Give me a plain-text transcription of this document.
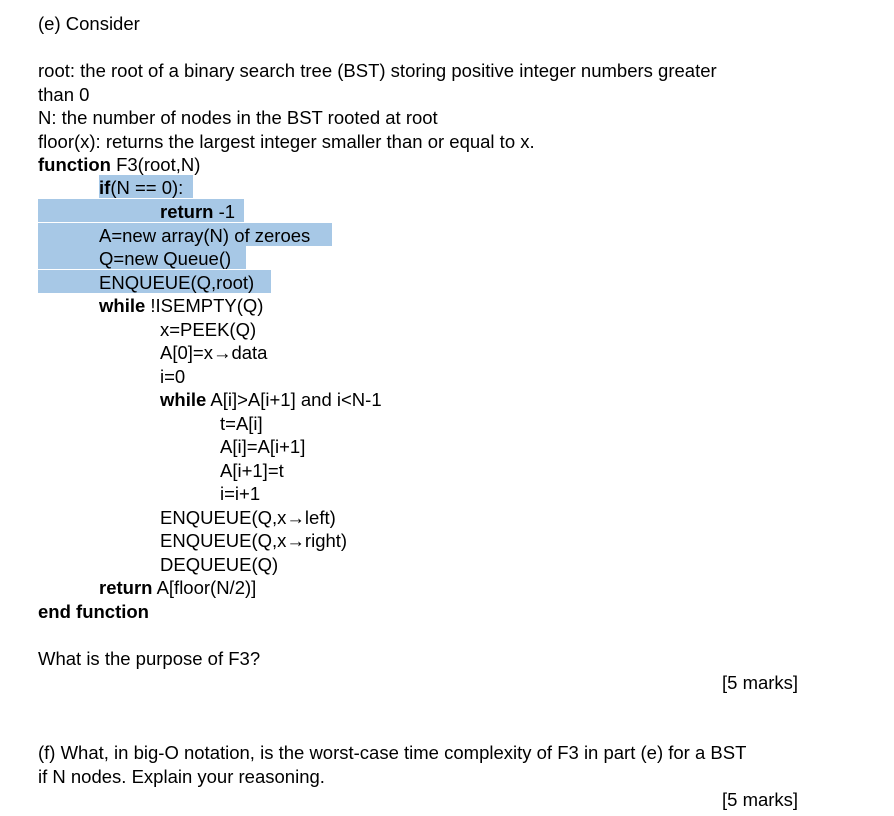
(e) Consider
root: the root of a binary search tree (BST) storing positive integer numbers greater
than 0
N: the number of nodes in the BST rooted at root
floor(x): returns the largest integer smaller than or equal to x.
function F3(root,N)
if(N == 0):
return -1
A=new array(N) of zeroes
Q=new Queue()
ENQUEUE(Q,root)
while !ISEMPTY(Q)
x=PEEK(Q)
A[0]=x→data
i=0
while A[i]>A[i+1] and i<N-1
t=A[i]
A[i]=A[i+1]
A[i+1]=t
i=i+1
ENQUEUE(Q,x→left)
ENQUEUE(Q,x→right)
DEQUEUE(Q)
return A[floor(N/2)]
end function
What is the purpose of F3?
[5 marks]
(f) What, in big-O notation, is the worst-case time complexity of F3 in part (e) for a BST
if N nodes. Explain your reasoning.
[5 marks]
